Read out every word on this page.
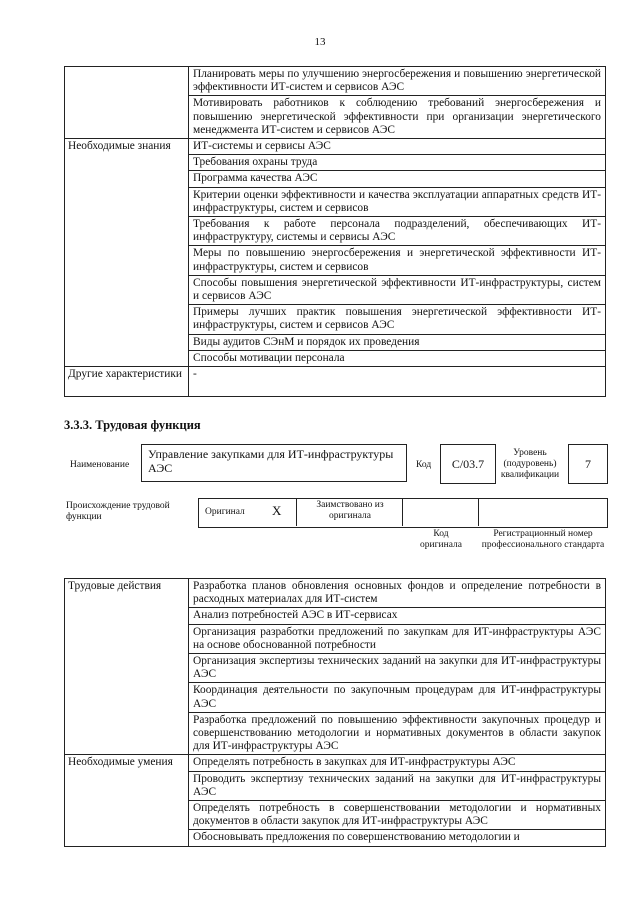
13
	Планировать меры по улучшению энергосбережения и повышению энергетической эффективности ИТ-систем и сервисов АЭС
	Мотивировать работников к соблюдению требований энергосбережения и повышению энергетической эффективности при организации энергетического менеджмента ИТ-систем и сервисов АЭС
Необходимые знания	ИТ-системы и сервисы АЭС
	Требования охраны труда
	Программа качества АЭС
	Критерии оценки эффективности и качества эксплуатации аппаратных средств ИТ-инфраструктуры, систем и сервисов
	Требования к работе персонала подразделений, обеспечивающих ИТ-инфраструктуру, системы и сервисы АЭС
	Меры по повышению энергосбережения и энергетической эффективности ИТ-инфраструктуры, систем и сервисов
	Способы повышения энергетической эффективности ИТ-инфраструктуры, систем и сервисов АЭС
	Примеры лучших практик повышения энергетической эффективности ИТ-инфраструктуры, систем и сервисов АЭС
	Виды аудитов СЭнМ и порядок их проведения
	Способы мотивации персонала
Другие характеристики	-
3.3.3. Трудовая функция
Наименование
Управление закупками для ИТ-инфраструктуры АЭС	Код	C/03.7
Уровень (подуровень) квалификации
7
Происхождение трудовой функции	Оригинал X	Заимствовано из оригинала
Код оригинала
Регистрационный номер профессионального стандарта
Трудовые действия	Разработка планов обновления основных фондов и определение потребности в расходных материалах для ИТ-систем
	Анализ потребностей АЭС в ИТ-сервисах
	Организация разработки предложений по закупкам для ИТ-инфраструктуры АЭС на основе обоснованной потребности
	Организация экспертизы технических заданий на закупки для ИТ-инфраструктуры АЭС
	Координация деятельности по закупочным процедурам для ИТ-инфраструктуры АЭС
	Разработка предложений по повышению эффективности закупочных процедур и совершенствованию методологии и нормативных документов в области закупок для ИТ-инфраструктуры АЭС
Необходимые умения	Определять потребность в закупках для ИТ-инфраструктуры АЭС
	Проводить экспертизу технических заданий на закупки для ИТ-инфраструктуры АЭС
	Определять потребность в совершенствовании методологии и нормативных документов в области закупок для ИТ-инфраструктуры АЭС
	Обосновывать предложения по совершенствованию методологии и
